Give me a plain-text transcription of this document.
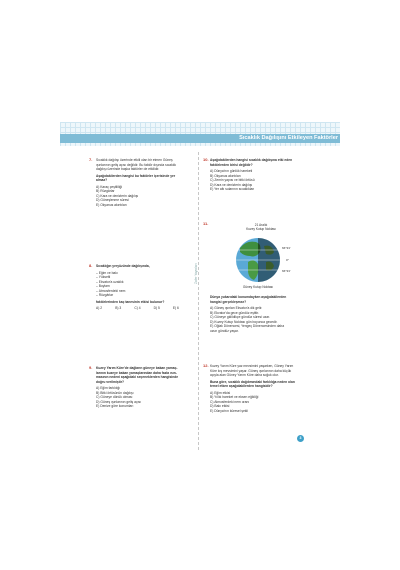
Sıcaklık Dağılışını Etkileyen Faktörler
Zafer Yayınları
7. Sıcaklık dağılışı üzerinde etkili olan bir etmen Güneş

ışınlarının geliş açısı değildir. Bu faktör dışında sıcaklık

dağılışı üzerinde başka faktörler de etkilidir.

Aşağıdakilerden hangisi bu faktörler içerisinde yer

almaz?

A) Karaç çeşitliliği

B) Rüzgârlar

C) Kara ve denizlerin dağılışı

D) Güneşlenme süresi

E) Okyanus akıntıları

8. Sıcaklığın yeryüzünde dağılışında,

– Eğim ve bakı

– Yükselti

– Ekvator'a uzaklık

– Boylam

– Atmosferdeki nem

– Rüzgârlar

faktörlerinden kaç tanesinin etkisi bulunur?

A) 2	B) 3	C) 4	D) 5	E) 6
9. Kuzey Yarım Küre'de dağların güneye bakan yamaç-

larının kuzeye bakan yamaçlarından daha fazla ısın-

masının nedeni aşağıdaki seçeneklerden hangisinde

doğru verilmiştir?

A) Eğim farklılığı

B) Bitki örtüsünün dağılışı

C) Güneye dönük olması

D) Güneş ışınlarının geliş açısı

E) Denize göre konumları

10. Aşağıdakilerden hangisi sıcaklık dağılışına etki eden

faktörlerden birisi değildir?

A) Dünya'nın günlük hareketi

B) Okyanus akıntıları

C) Zemin yapısı ve bitki örtüsü

D) Kara ve denizlerin dağılışı

E) Yer altı sularının sıcaklıkları

11.	21 Aralık
Kuzey Kutup Noktası
66°33'
0°
66°33'
Güney Kutup Noktası

Dünya yukarıdaki konumdayken aşağıdakilerden

hangisi gerçekleşmez?

A) Güneş ışınları Ekvator'a dik gelir.

B) Ekvator'da gece gündüz eşittir.

C) Güneye gidildikçe gündüz süresi uzar.

D) Kuzey Kutup Noktası gün boyunca gecedir.

E) Oğlak Dönencesi, Yengeç Dönencesinden daha

uzun gündüz yaşar.

12. Kuzey Yarım Küre yaz mevsimini yaşarken, Güney Yarım

Küre kış mevsimini yaşar. Güneş ışınlarının daha küçük

açıyla alan Güney Yarım Küre daha soğuk olur.

Buna göre, sıcaklık dağılımındaki farklılığa neden olan

temel etken aşağıdakilerden hangisidir?

A) Eğim etkisi

B) Yıllık hareket ve eksen eğikliği

C) Atmosferdeki nem oranı

D) Bakı etkisi

E) Dünya'nın küresel şekli

3
